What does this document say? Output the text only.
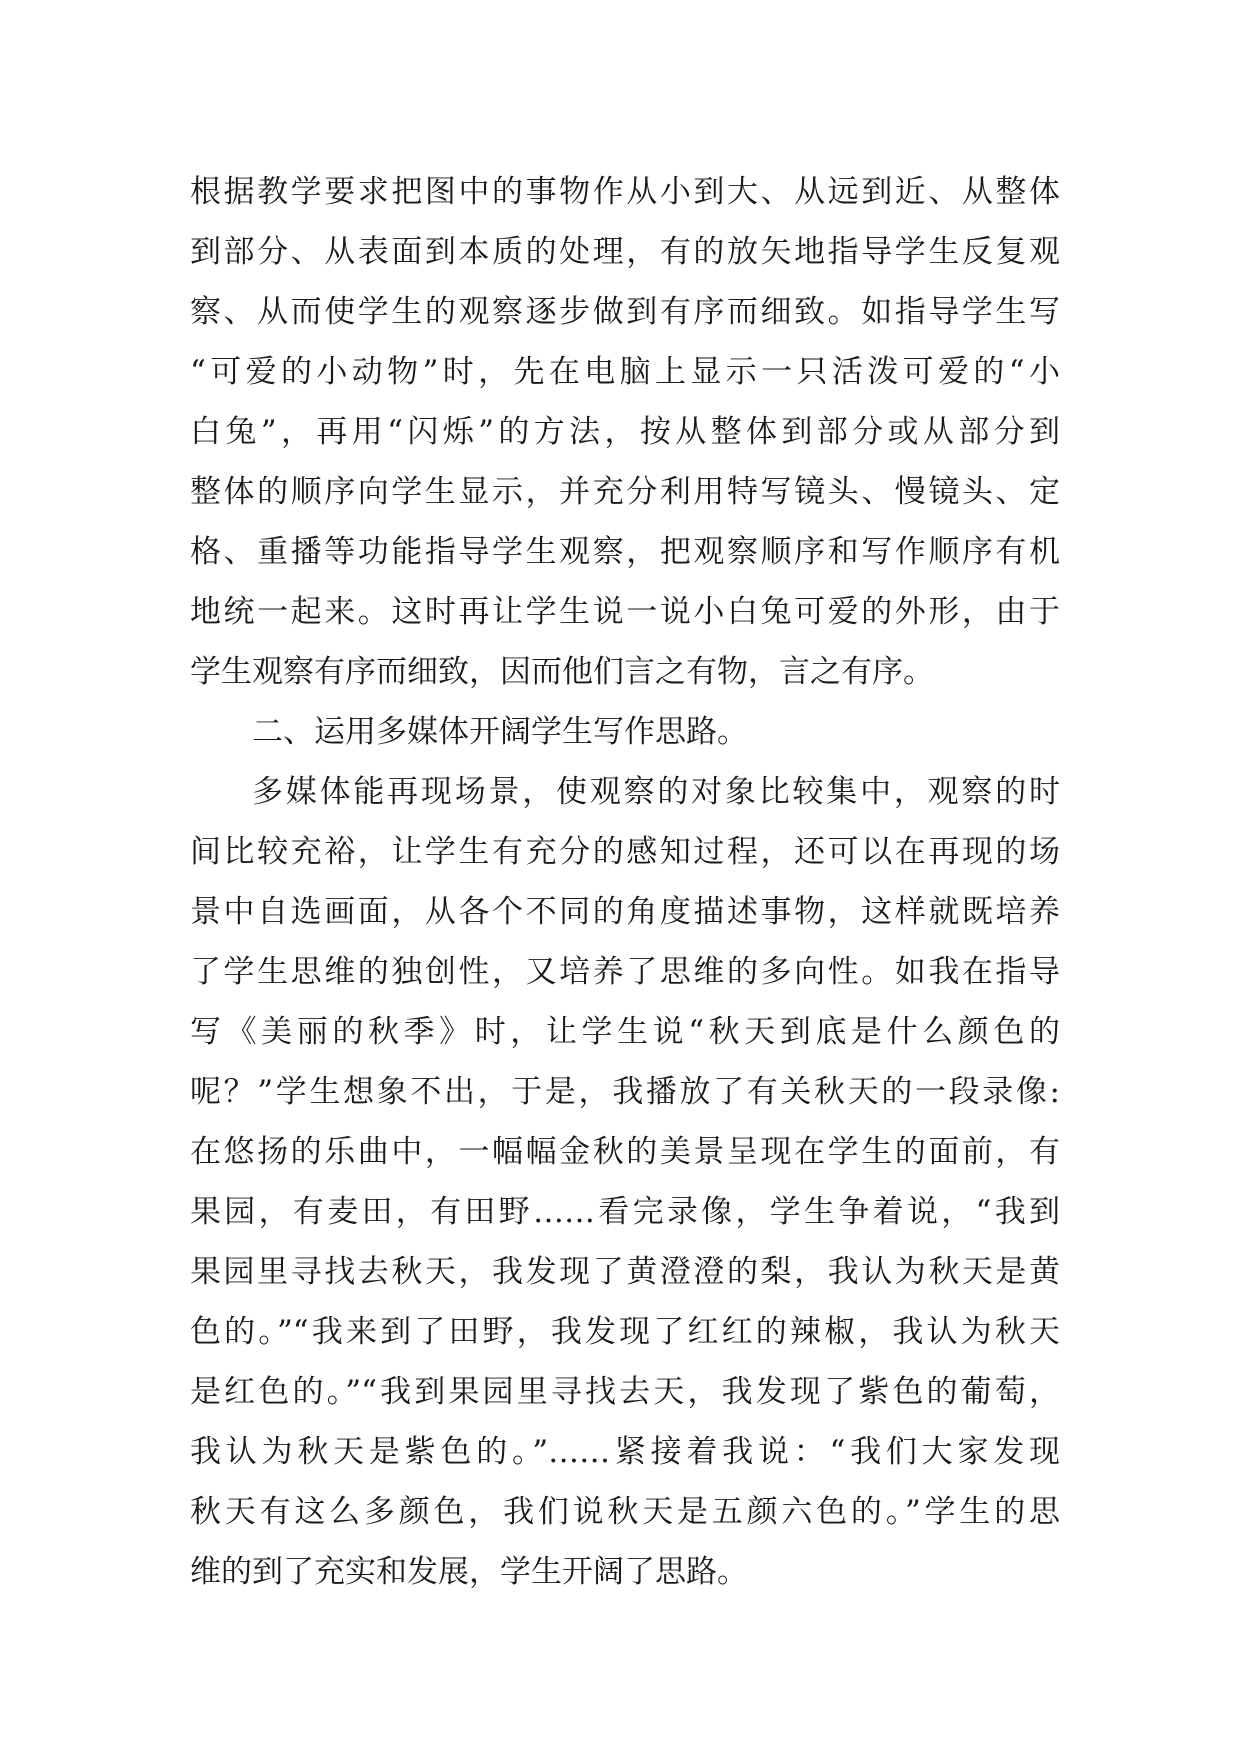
根据教学要求把图中的事物作从小到大、从远到近、从整体
到部分、从表面到本质的处理，有的放矢地指导学生反复观
察、从而使学生的观察逐步做到有序而细致。如指导学生写
“可爱的小动物”时，先在电脑上显示一只活泼可爱的“小
白兔”，再用“闪烁”的方法，按从整体到部分或从部分到
整体的顺序向学生显示，并充分利用特写镜头、慢镜头、定
格、重播等功能指导学生观察，把观察顺序和写作顺序有机
地统一起来。这时再让学生说一说小白兔可爱的外形，由于
学生观察有序而细致，因而他们言之有物，言之有序。
二、运用多媒体开阔学生写作思路。
多媒体能再现场景，使观察的对象比较集中，观察的时
间比较充裕，让学生有充分的感知过程，还可以在再现的场
景中自选画面，从各个不同的角度描述事物，这样就既培养
了学生思维的独创性，又培养了思维的多向性。如我在指导
写《美丽的秋季》时，让学生说“秋天到底是什么颜色的
呢？”学生想象不出，于是，我播放了有关秋天的一段录像:
在悠扬的乐曲中，一幅幅金秋的美景呈现在学生的面前，有
果园，有麦田，有田野……看完录像，学生争着说，“我到
果园里寻找去秋天，我发现了黄澄澄的梨，我认为秋天是黄
色的。”“我来到了田野，我发现了红红的辣椒，我认为秋天
是红色的。”“我到果园里寻找去天，我发现了紫色的葡萄，
我认为秋天是紫色的。”……紧接着我说：“我们大家发现
秋天有这么多颜色，我们说秋天是五颜六色的。”学生的思
维的到了充实和发展，学生开阔了思路。
